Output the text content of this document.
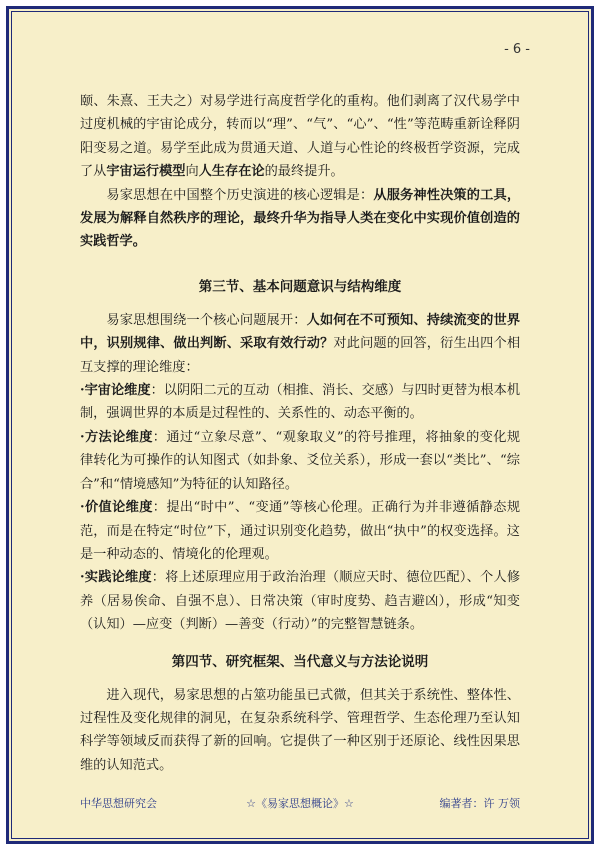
- 6 -

颐、朱熹、王夫之）对易学进行高度哲学化的重构。他们剥离了汉代易学中过度机械的宇宙论成分，转而以“理”、“气”、“心”、“性”等范畴重新诠释阴阳变易之道。易学至此成为贯通天道、人道与心性论的终极哲学资源，完成了从宇宙运行模型向人生存在论的最终提升。

易家思想在中国整个历史演进的核心逻辑是：从服务神性决策的工具，发展为解释自然秩序的理论，最终升华为指导人类在变化中实现价值创造的实践哲学。

第三节、基本问题意识与结构维度

易家思想围绕一个核心问题展开：人如何在不可预知、持续流变的世界中，识别规律、做出判断、采取有效行动？对此问题的回答，衍生出四个相互支撑的理论维度：

·宇宙论维度：以阴阳二元的互动（相推、消长、交感）与四时更替为根本机制，强调世界的本质是过程性的、关系性的、动态平衡的。

·方法论维度：通过“立象尽意”、“观象取义”的符号推理，将抽象的变化规律转化为可操作的认知图式（如卦象、爻位关系），形成一套以“类比”、“综合”和“情境感知”为特征的认知路径。

·价值论维度：提出“时中”、“变通”等核心伦理。正确行为并非遵循静态规范，而是在特定“时位”下，通过识别变化趋势，做出“执中”的权变选择。这是一种动态的、情境化的伦理观。

·实践论维度：将上述原理应用于政治治理（顺应天时、德位匹配）、个人修养（居易俟命、自强不息）、日常决策（审时度势、趋吉避凶），形成“知变（认知）—应变（判断）—善变（行动）”的完整智慧链条。

第四节、研究框架、当代意义与方法论说明

进入现代，易家思想的占筮功能虽已式微，但其关于系统性、整体性、过程性及变化规律的洞见，在复杂系统科学、管理哲学、生态伦理乃至认知科学等领域反而获得了新的回响。它提供了一种区别于还原论、线性因果思维的认知范式。

中华思想研究会	☆《易家思想概论》☆	编著者：许 万领
